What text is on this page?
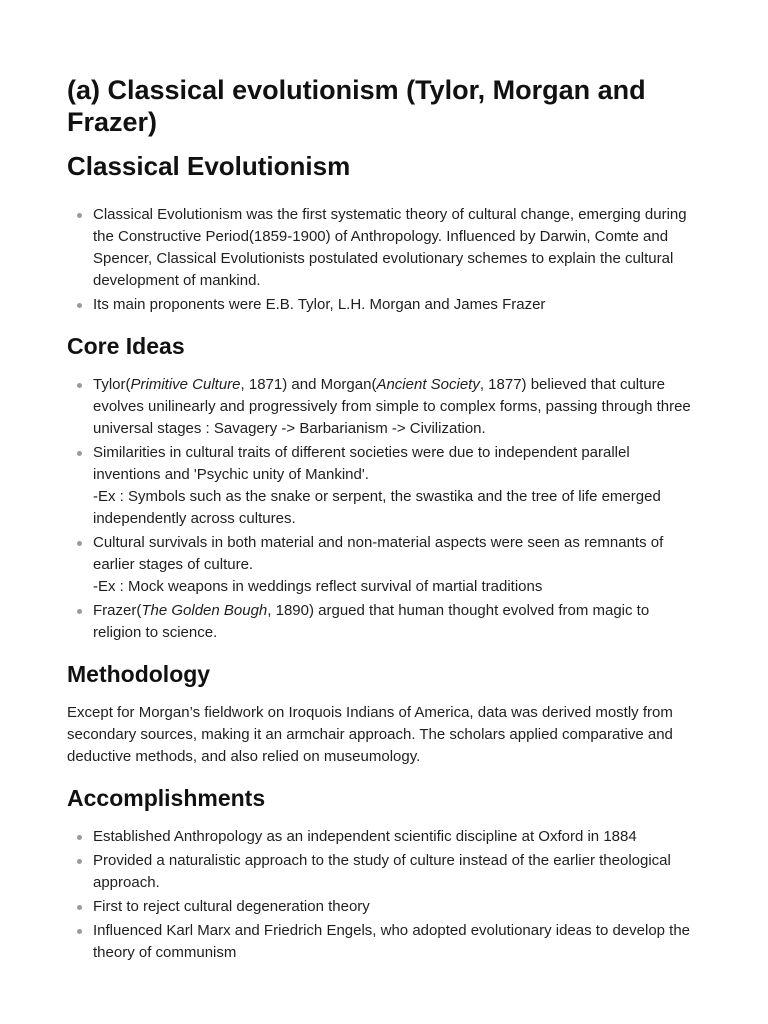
(a) Classical evolutionism (Tylor, Morgan and Frazer)
Classical Evolutionism
Classical Evolutionism was the first systematic theory of cultural change, emerging during the Constructive Period(1859-1900) of Anthropology. Influenced by Darwin, Comte and Spencer, Classical Evolutionists postulated evolutionary schemes to explain the cultural development of mankind.
Its main proponents were E.B. Tylor, L.H. Morgan and James Frazer
Core Ideas
Tylor(Primitive Culture, 1871) and Morgan(Ancient Society, 1877) believed that culture evolves unilinearly and progressively from simple to complex forms, passing through three universal stages : Savagery -> Barbarianism -> Civilization.
Similarities in cultural traits of different societies were due to independent parallel inventions and 'Psychic unity of Mankind'.
-Ex : Symbols such as the snake or serpent, the swastika and the tree of life emerged independently across cultures.
Cultural survivals in both material and non-material aspects were seen as remnants of earlier stages of culture.
-Ex : Mock weapons in weddings reflect survival of martial traditions
Frazer(The Golden Bough, 1890) argued that human thought evolved from magic to religion to science.
Methodology

Except for Morgan’s fieldwork on Iroquois Indians of America, data was derived mostly from secondary sources, making it an armchair approach. The scholars applied comparative and deductive methods, and also relied on museumology.

Accomplishments
Established Anthropology as an independent scientific discipline at Oxford in 1884
Provided a naturalistic approach to the study of culture instead of the earlier theological approach.
First to reject cultural degeneration theory
Influenced Karl Marx and Friedrich Engels, who adopted evolutionary ideas to develop the theory of communism
